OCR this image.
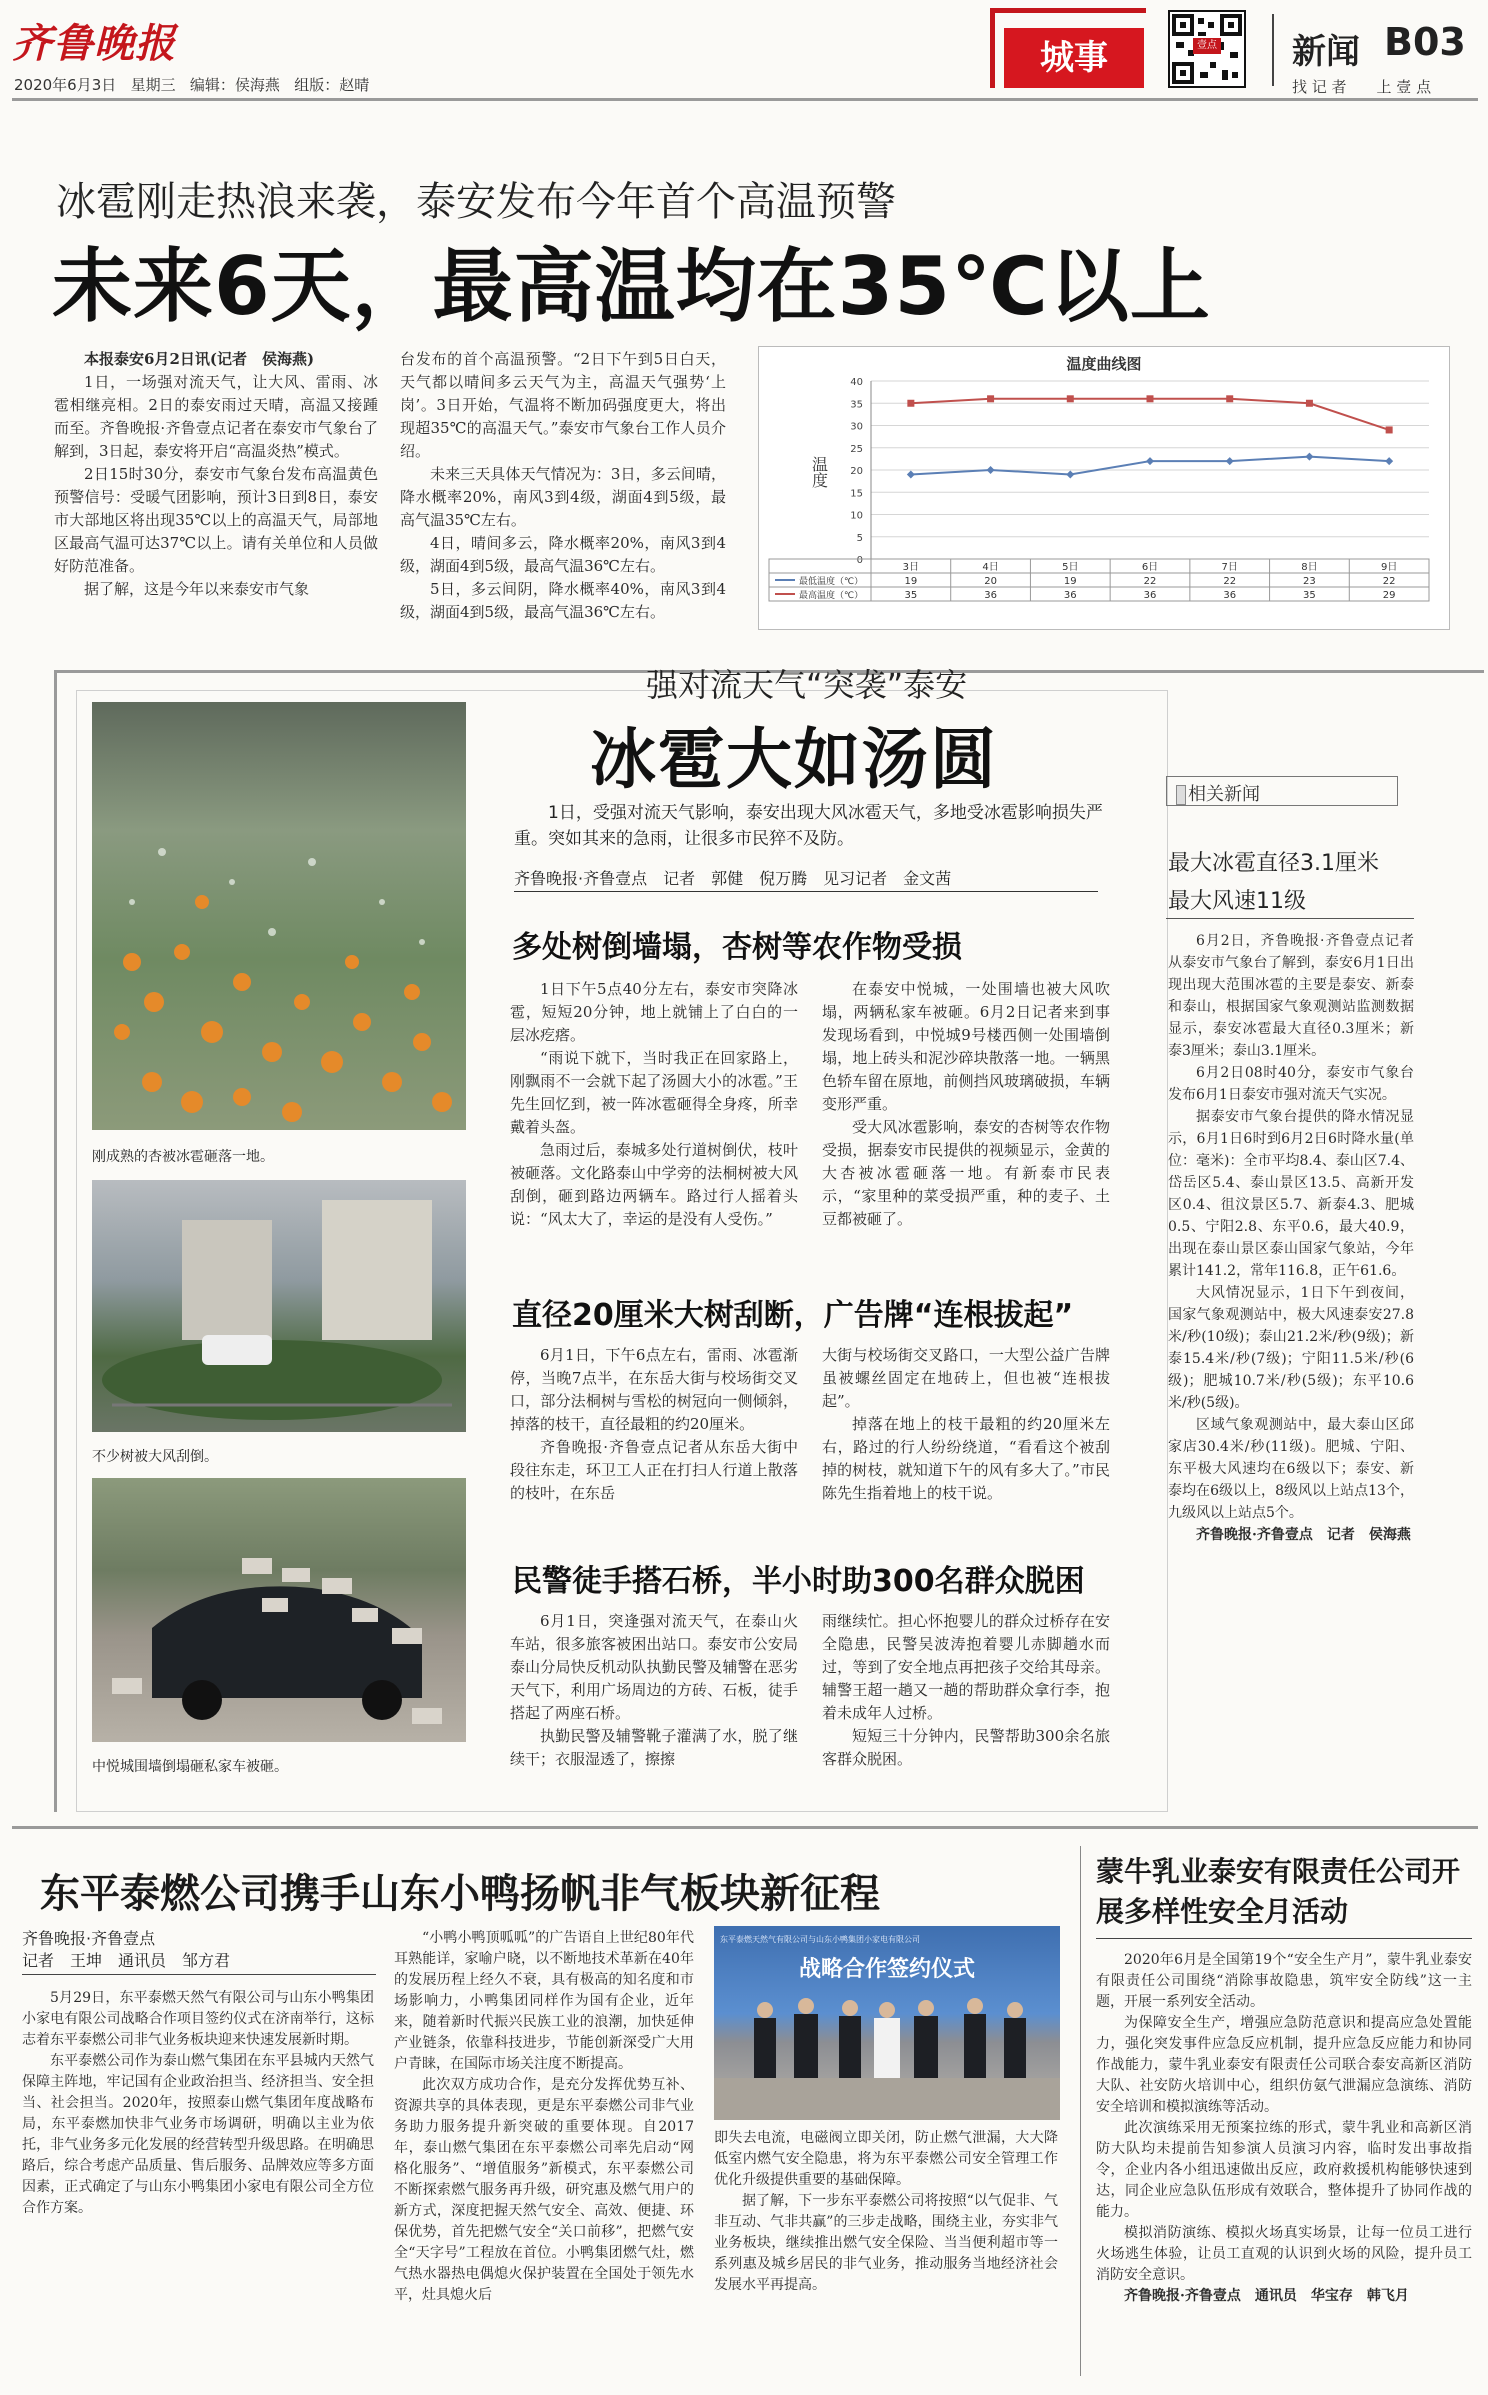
齐鲁晚报
2020年6月3日 星期三 编辑：侯海燕 组版：赵晴
城事	壹点 新闻 B03
找 记 者　　上 壹 点
冰雹刚走热浪来袭，泰安发布今年首个高温预警
未来6天，最高温均在35℃以上

本报泰安6月2日讯(记者　侯海燕)

1日，一场强对流天气，让大风、雷雨、冰雹相继亮相。2日的泰安雨过天晴，高温又接踵而至。齐鲁晚报·齐鲁壹点记者在泰安市气象台了解到，3日起，泰安将开启“高温炎热”模式。

2日15时30分，泰安市气象台发布高温黄色预警信号：受暖气团影响，预计3日到8日，泰安市大部地区将出现35℃以上的高温天气，局部地区最高气温可达37℃以上。请有关单位和人员做好防范准备。

据了解，这是今年以来泰安市气象

台发布的首个高温预警。“2日下午到5日白天，天气都以晴间多云天气为主，高温天气强势‘上岗’。3日开始，气温将不断加码强度更大，将出现超35℃的高温天气。”泰安市气象台工作人员介绍。

未来三天具体天气情况为：3日，多云间晴，降水概率20%，南风3到4级，湖面4到5级，最高气温35℃左右。

4日，晴间多云，降水概率20%，南风3到4级，湖面4到5级，最高气温36℃左右。

5日，多云间阴，降水概率40%，南风3到4级，湖面4到5级，最高气温36℃左右。

温度曲线图
温度
0
5
10
15
20
25
30
35
40
3日	4日	5日	6日	7日	8日	9日
19	20	19	22	22	23	22
最低温度（℃）
35	36	36	36	36	35	29
最高温度（℃）
强对流天气“突袭”泰安
冰雹大如汤圆
1日，受强对流天气影响，泰安出现大风冰雹天气，多地受冰雹影响损失严重。突如其来的急雨，让很多市民猝不及防。
齐鲁晚报·齐鲁壹点　记者　郭健　倪万腾　见习记者　金文茜
刚成熟的杏被冰雹砸落一地。
不少树被大风刮倒。
中悦城围墙倒塌砸私家车被砸。
多处树倒墙塌，杏树等农作物受损

1日下午5点40分左右，泰安市突降冰雹，短短20分钟，地上就铺上了白白的一层冰疙瘩。

“雨说下就下，当时我正在回家路上，刚飘雨不一会就下起了汤圆大小的冰雹。”王先生回忆到，被一阵冰雹砸得全身疼，所幸戴着头盔。

急雨过后，泰城多处行道树倒伏，枝叶被砸落。文化路泰山中学旁的法桐树被大风刮倒，砸到路边两辆车。路过行人摇着头说：“风太大了，幸运的是没有人受伤。”

在泰安中悦城，一处围墙也被大风吹塌，两辆私家车被砸。6月2日记者来到事发现场看到，中悦城9号楼西侧一处围墙倒塌，地上砖头和泥沙碎块散落一地。一辆黑色轿车留在原地，前侧挡风玻璃破损，车辆变形严重。

受大风冰雹影响，泰安的杏树等农作物受损，据泰安市民提供的视频显示，金黄的大杏被冰雹砸落一地。有新泰市民表示，“家里种的菜受损严重，种的麦子、土豆都被砸了。

直径20厘米大树刮断，广告牌“连根拔起”

6月1日，下午6点左右，雷雨、冰雹渐停，当晚7点半，在东岳大街与校场街交叉口，部分法桐树与雪松的树冠向一侧倾斜，掉落的枝干，直径最粗的约20厘米。

齐鲁晚报·齐鲁壹点记者从东岳大街中段往东走，环卫工人正在打扫人行道上散落的枝叶，在东岳

大街与校场街交叉路口，一大型公益广告牌虽被螺丝固定在地砖上，但也被“连根拔起”。

掉落在地上的枝干最粗的约20厘米左右，路过的行人纷纷绕道，“看看这个被刮掉的树枝，就知道下午的风有多大了。”市民陈先生指着地上的枝干说。

民警徒手搭石桥，半小时助300名群众脱困

6月1日，突逢强对流天气，在泰山火车站，很多旅客被困出站口。泰安市公安局泰山分局快反机动队执勤民警及辅警在恶劣天气下，利用广场周边的方砖、石板，徒手搭起了两座石桥。

执勤民警及辅警靴子灌满了水，脱了继续干；衣服湿透了，擦擦

雨继续忙。担心怀抱婴儿的群众过桥存在安全隐患，民警吴波涛抱着婴儿赤脚趟水而过，等到了安全地点再把孩子交给其母亲。辅警王超一趟又一趟的帮助群众拿行李，抱着未成年人过桥。

短短三十分钟内，民警帮助300余名旅客群众脱困。

相关新闻
最大冰雹直径3.1厘米
最大风速11级

6月2日，齐鲁晚报·齐鲁壹点记者从泰安市气象台了解到，泰安6月1日出现出现大范围冰雹的主要是泰安、新泰和泰山，根据国家气象观测站监测数据显示，泰安冰雹最大直径0.3厘米；新泰3厘米；泰山3.1厘米。

6月2日08时40分，泰安市气象台发布6月1日泰安市强对流天气实况。

据泰安市气象台提供的降水情况显示，6月1日6时到6月2日6时降水量(单位：毫米)：全市平均8.4、泰山区7.4、岱岳区5.4、泰山景区13.5、高新开发区0.4、徂汶景区5.7、新泰4.3、肥城0.5、宁阳2.8、东平0.6，最大40.9，出现在泰山景区泰山国家气象站，今年累计141.2，常年116.8，正午61.6。

大风情况显示，1日下午到夜间，国家气象观测站中，极大风速泰安27.8米/秒(10级)；泰山21.2米/秒(9级)；新泰15.4米/秒(7级)；宁阳11.5米/秒(6级)；肥城10.7米/秒(5级)；东平10.6米/秒(5级)。

区域气象观测站中，最大泰山区邱家店30.4米/秒(11级)。肥城、宁阳、东平极大风速均在6级以下；泰安、新泰均在6级以上，8级风以上站点13个，九级风以上站点5个。

齐鲁晚报·齐鲁壹点　记者　侯海燕

东平泰燃公司携手山东小鸭扬帆非气板块新征程
齐鲁晚报·齐鲁壹点
记者　王坤　通讯员　邹方君

5月29日，东平泰燃天然气有限公司与山东小鸭集团小家电有限公司战略合作项目签约仪式在济南举行，这标志着东平泰燃公司非气业务板块迎来快速发展新时期。

东平泰燃公司作为泰山燃气集团在东平县城内天然气保障主阵地，牢记国有企业政治担当、经济担当、安全担当、社会担当。2020年，按照泰山燃气集团年度战略布局，东平泰燃加快非气业务市场调研，明确以主业为依托，非气业务多元化发展的经营转型升级思路。在明确思路后，综合考虑产品质量、售后服务、品牌效应等多方面因素，正式确定了与山东小鸭集团小家电有限公司全方位合作方案。

“小鸭小鸭顶呱呱”的广告语自上世纪80年代耳熟能详，家喻户晓，以不断地技术革新在40年的发展历程上经久不衰，具有极高的知名度和市场影响力，小鸭集团同样作为国有企业，近年来，随着新时代振兴民族工业的浪潮，加快延伸产业链条，依靠科技进步，节能创新深受广大用户青睐，在国际市场关注度不断提高。

此次双方成功合作，是充分发挥优势互补、资源共享的具体表现，更是东平泰燃公司非气业务助力服务提升新突破的重要体现。自2017年，泰山燃气集团在东平泰燃公司率先启动“网格化服务”、“增值服务”新模式，东平泰燃公司不断探索燃气服务再升级，研究惠及燃气用户的新方式，深度把握天然气安全、高效、便捷、环保优势，首先把燃气安全“关口前移”，把燃气安全“天字号”工程放在首位。小鸭集团燃气灶，燃气热水器热电偶熄火保护装置在全国处于领先水平，灶具熄火后

东平泰燃天然气有限公司与山东小鸭集团小家电有限公司
战略合作签约仪式

即失去电流，电磁阀立即关闭，防止燃气泄漏，大大降低室内燃气安全隐患，将为东平泰燃公司安全管理工作优化升级提供重要的基础保障。

据了解，下一步东平泰燃公司将按照“以气促非、气非互动、气非共赢”的三步走战略，围绕主业，夯实非气业务板块，继续推出燃气安全保险、当当便利超市等一系列惠及城乡居民的非气业务，推动服务当地经济社会发展水平再提高。

蒙牛乳业泰安有限责任公司开展多样性安全月活动

2020年6月是全国第19个“安全生产月”，蒙牛乳业泰安有限责任公司围绕“消除事故隐患，筑牢安全防线”这一主题，开展一系列安全活动。

为保障安全生产，增强应急防范意识和提高应急处置能力，强化突发事件应急反应机制，提升应急反应能力和协同作战能力，蒙牛乳业泰安有限责任公司联合泰安高新区消防大队、社安防火培训中心，组织仿氨气泄漏应急演练、消防安全培训和模拟演练等活动。

此次演练采用无预案拉练的形式，蒙牛乳业和高新区消防大队均未提前告知参演人员演习内容，临时发出事故指令，企业内各小组迅速做出反应，政府救援机构能够快速到达，同企业应急队伍形成有效联合，整体提升了协同作战的能力。

模拟消防演练、模拟火场真实场景，让每一位员工进行火场逃生体验，让员工直观的认识到火场的风险，提升员工消防安全意识。

齐鲁晚报·齐鲁壹点　通讯员　华宝存　韩飞月
